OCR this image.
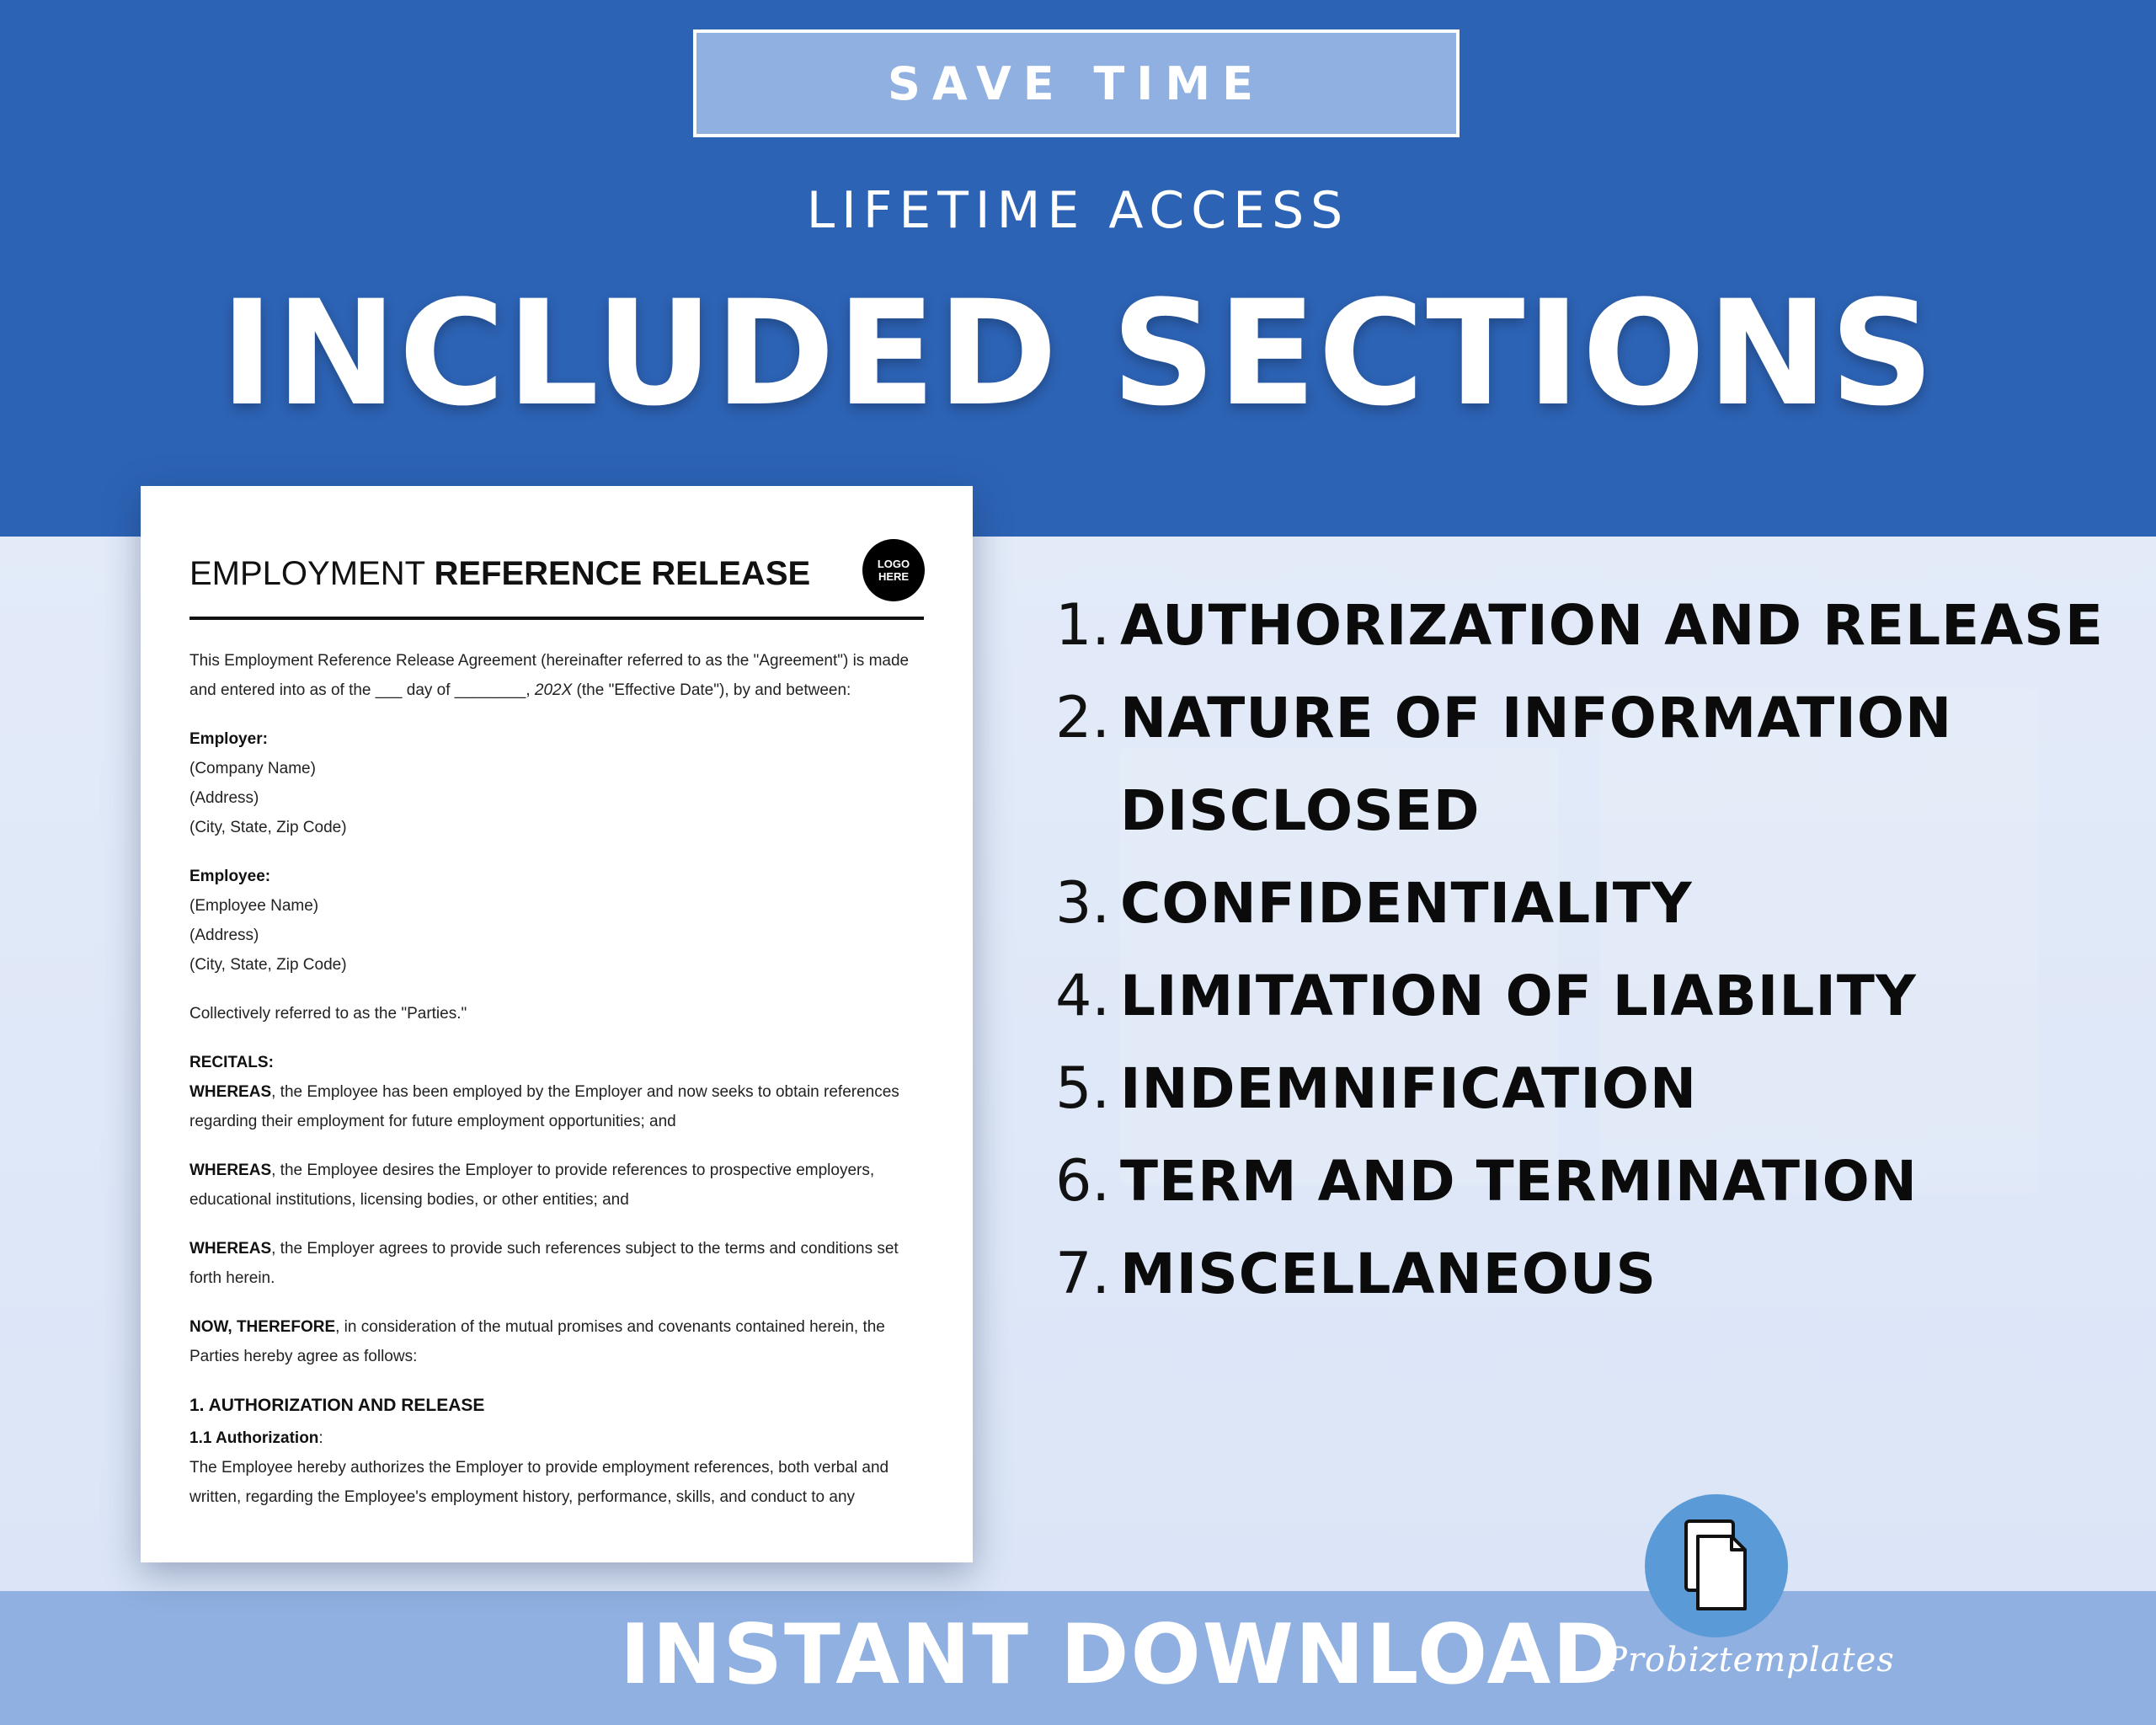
SAVE TIME
LIFETIME ACCESS
INCLUDED SECTIONS
EMPLOYMENT REFERENCE RELEASE	LOGO
HERE

This Employment Reference Release Agreement (hereinafter referred to as the "Agreement") is made
and entered into as of the ___ day of ________, 202X (the "Effective Date"), by and between:

Employer:
(Company Name)
(Address)
(City, State, Zip Code)

Employee:
(Employee Name)
(Address)
(City, State, Zip Code)

Collectively referred to as the "Parties."

RECITALS:
WHEREAS, the Employee has been employed by the Employer and now seeks to obtain references
regarding their employment for future employment opportunities; and

WHEREAS, the Employee desires the Employer to provide references to prospective employers,
educational institutions, licensing bodies, or other entities; and

WHEREAS, the Employer agrees to provide such references subject to the terms and conditions set
forth herein.

NOW, THEREFORE, in consideration of the mutual promises and covenants contained herein, the
Parties hereby agree as follows:

1. AUTHORIZATION AND RELEASE
1.1 Authorization:

The Employee hereby authorizes the Employer to provide employment references, both verbal and
written, regarding the Employee's employment history, performance, skills, and conduct to any

1. AUTHORIZATION AND RELEASE
2. NATURE OF INFORMATION DISCLOSED
3. CONFIDENTIALITY
4. LIMITATION OF LIABILITY
5. INDEMNIFICATION
6. TERM AND TERMINATION
7. MISCELLANEOUS
INSTANT DOWNLOAD
Probiztemplates
